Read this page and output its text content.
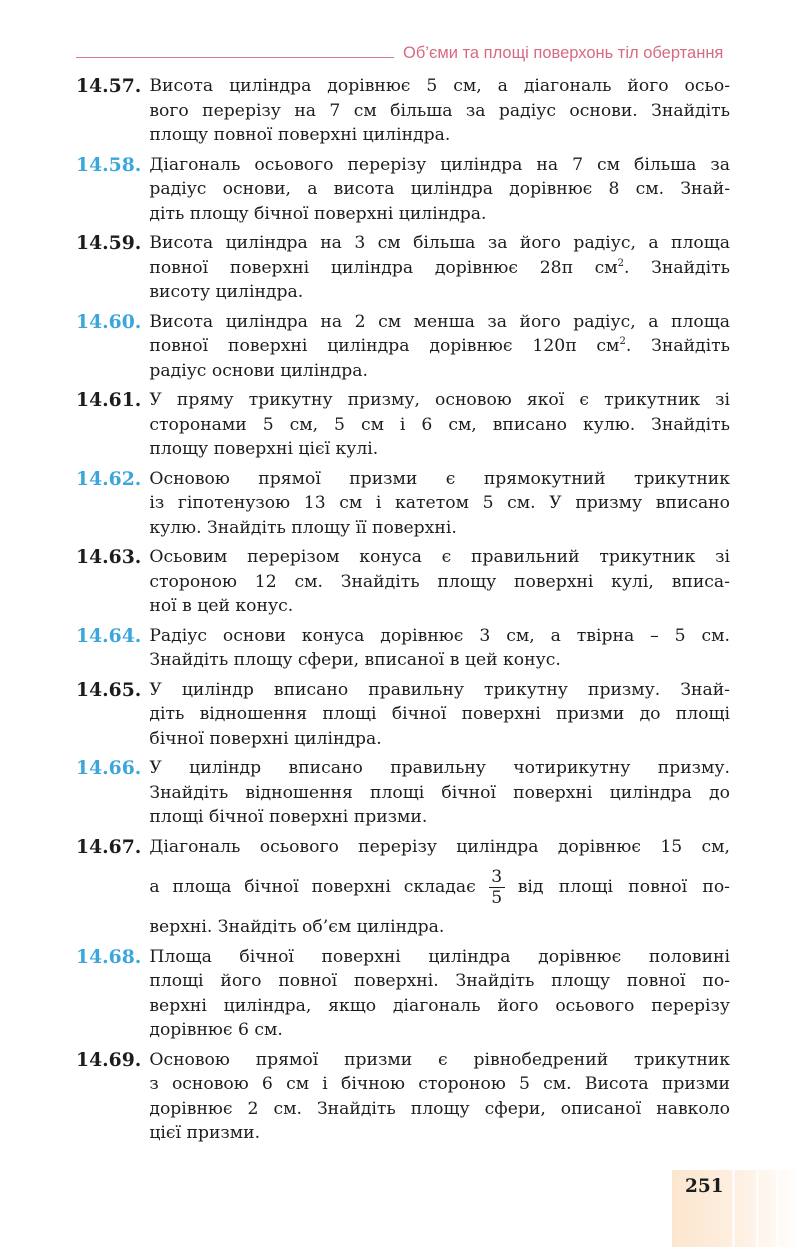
Об’єми та площі поверхонь тіл обертання
14.57. Висота циліндра дорівнює 5 см, а діагональ його осьо-
вого перерізу на 7 см більша за радіус основи. Знайдіть
площу повної поверхні циліндра.
14.58. Діагональ осьового перерізу циліндра на 7 см більша за
радіус основи, а висота циліндра дорівнює 8 см. Знай-
діть площу бічної поверхні циліндра.
14.59. Висота циліндра на 3 см більша за його радіус, а площа
повної поверхні циліндра дорівнює 28π $см^2$. Знайдіть
висоту циліндра.
14.60. Висота циліндра на 2 см менша за його радіус, а площа
повної поверхні циліндра дорівнює 120π $см^2$. Знайдіть
радіус основи циліндра.
14.61. У пряму трикутну призму, основою якої є трикутник зі
сторонами 5 см, 5 см і 6 см, вписано кулю. Знайдіть
площу поверхні цієї кулі.
14.62. Основою прямої призми є прямокутний трикутник
із гіпотенузою 13 см і катетом 5 см. У призму вписано
кулю. Знайдіть площу її поверхні.
14.63. Осьовим перерізом конуса є правильний трикутник зі
стороною 12 см. Знайдіть площу поверхні кулі, вписа-
ної в цей конус.
14.64. Радіус основи конуса дорівнює 3 см, а твірна – 5 см.
Знайдіть площу сфери, вписаної в цей конус.
14.65. У циліндр вписано правильну трикутну призму. Знай-
діть відношення площі бічної поверхні призми до площі
бічної поверхні циліндра.
14.66. У циліндр вписано правильну чотирикутну призму.
Знайдіть відношення площі бічної поверхні циліндра до
площі бічної поверхні призми.
14.67. Діагональ осьового перерізу циліндра дорівнює 15 см,
а площа бічної поверхні складає $\frac{3}{5}$ від площі повної по-
верхні. Знайдіть об’єм циліндра.
14.68. Площа бічної поверхні циліндра дорівнює половині
площі його повної поверхні. Знайдіть площу повної по-
верхні циліндра, якщо діагональ його осьового перерізу
дорівнює 6 см.
14.69. Основою прямої призми є рівнобедрений трикутник
з основою 6 см і бічною стороною 5 см. Висота призми
дорівнює 2 см. Знайдіть площу сфери, описаної навколо
цієї призми.
251
